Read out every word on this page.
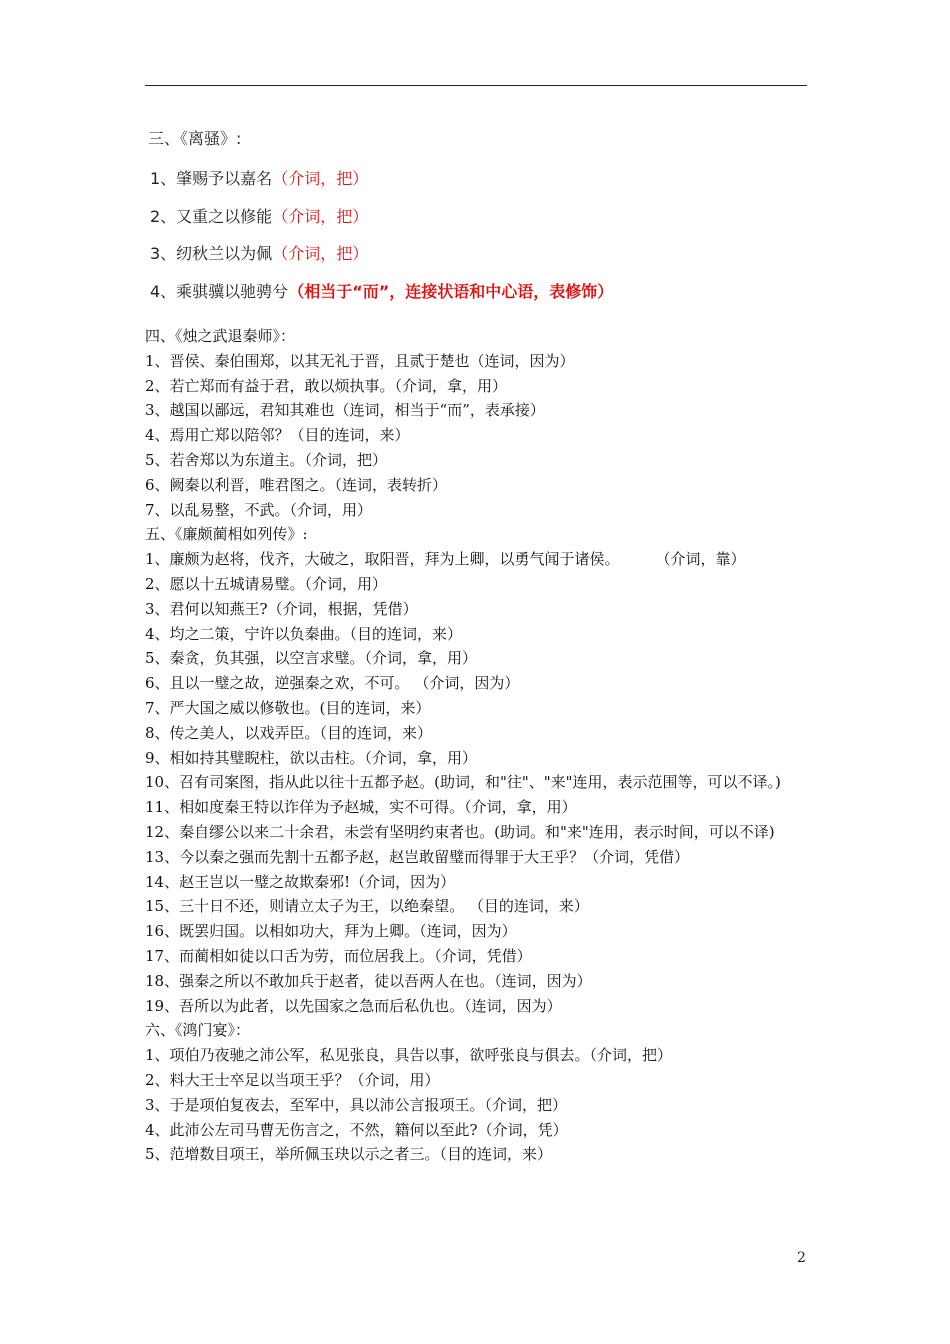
三、《离骚》:
1、肇赐予以嘉名（介词，把）
2、又重之以修能（介词，把）
3、纫秋兰以为佩（介词，把）
4、乘骐骥以驰骋兮（相当于“而”，连接状语和中心语，表修饰）
四、《烛之武退秦师》：
1、晋侯、秦伯围郑，以其无礼于晋，且贰于楚也（连词，因为）
2、若亡郑而有益于君，敢以烦执事。（介词，拿，用）
3、越国以鄙远，君知其难也（连词，相当于“而”，表承接）
4、焉用亡郑以陪邻？（目的连词，来）
5、若舍郑以为东道主。（介词，把）
6、阙秦以利晋，唯君图之。（连词，表转折）
7、以乱易整，不武。（介词，用）
五、《廉颇蔺相如列传》:
1、廉颇为赵将，伐齐，大破之，取阳晋，拜为上卿，以勇气闻于诸侯。 （介词，靠）
2、愿以十五城请易璧。（介词，用）
3、君何以知燕王?（介词，根据，凭借）
4、均之二策，宁许以负秦曲。（目的连词，来）
5、秦贪，负其强，以空言求璧。（介词，拿，用）
6、且以一璧之故，逆强秦之欢，不可。 （介词，因为）
7、严大国之威以修敬也。(目的连词，来）
8、传之美人，以戏弄臣。（目的连词，来）
9、相如持其璧睨柱，欲以击柱。（介词，拿，用）
10、召有司案图，指从此以往十五都予赵。(助词，和"往"、"来"连用，表示范围等，可以不译。)
11、相如度秦王特以诈佯为予赵城，实不可得。（介词，拿，用）
12、秦自缪公以来二十余君，未尝有坚明约束者也。(助词。和"来"连用，表示时间，可以不译)
13、今以秦之强而先割十五都予赵，赵岂敢留璧而得罪于大王乎？（介词，凭借）
14、赵王岂以一璧之故欺秦邪!（介词，因为）
15、三十日不还，则请立太子为王，以绝秦望。 （目的连词，来）
16、既罢归国。以相如功大，拜为上卿。（连词，因为）
17、而蔺相如徒以口舌为劳，而位居我上。（介词，凭借）
18、强秦之所以不敢加兵于赵者，徒以吾两人在也。（连词，因为）
19、吾所以为此者，以先国家之急而后私仇也。（连词，因为）
六、《鸿门宴》：
1、项伯乃夜驰之沛公军，私见张良，具告以事，欲呼张良与俱去。（介词，把）
2、料大王士卒足以当项王乎？（介词，用）
3、于是项伯复夜去，至军中，具以沛公言报项王。（介词，把）
4、此沛公左司马曹无伤言之，不然，籍何以至此?（介词，凭）
5、范增数目项王，举所佩玉玦以示之者三。（目的连词，来）
2
